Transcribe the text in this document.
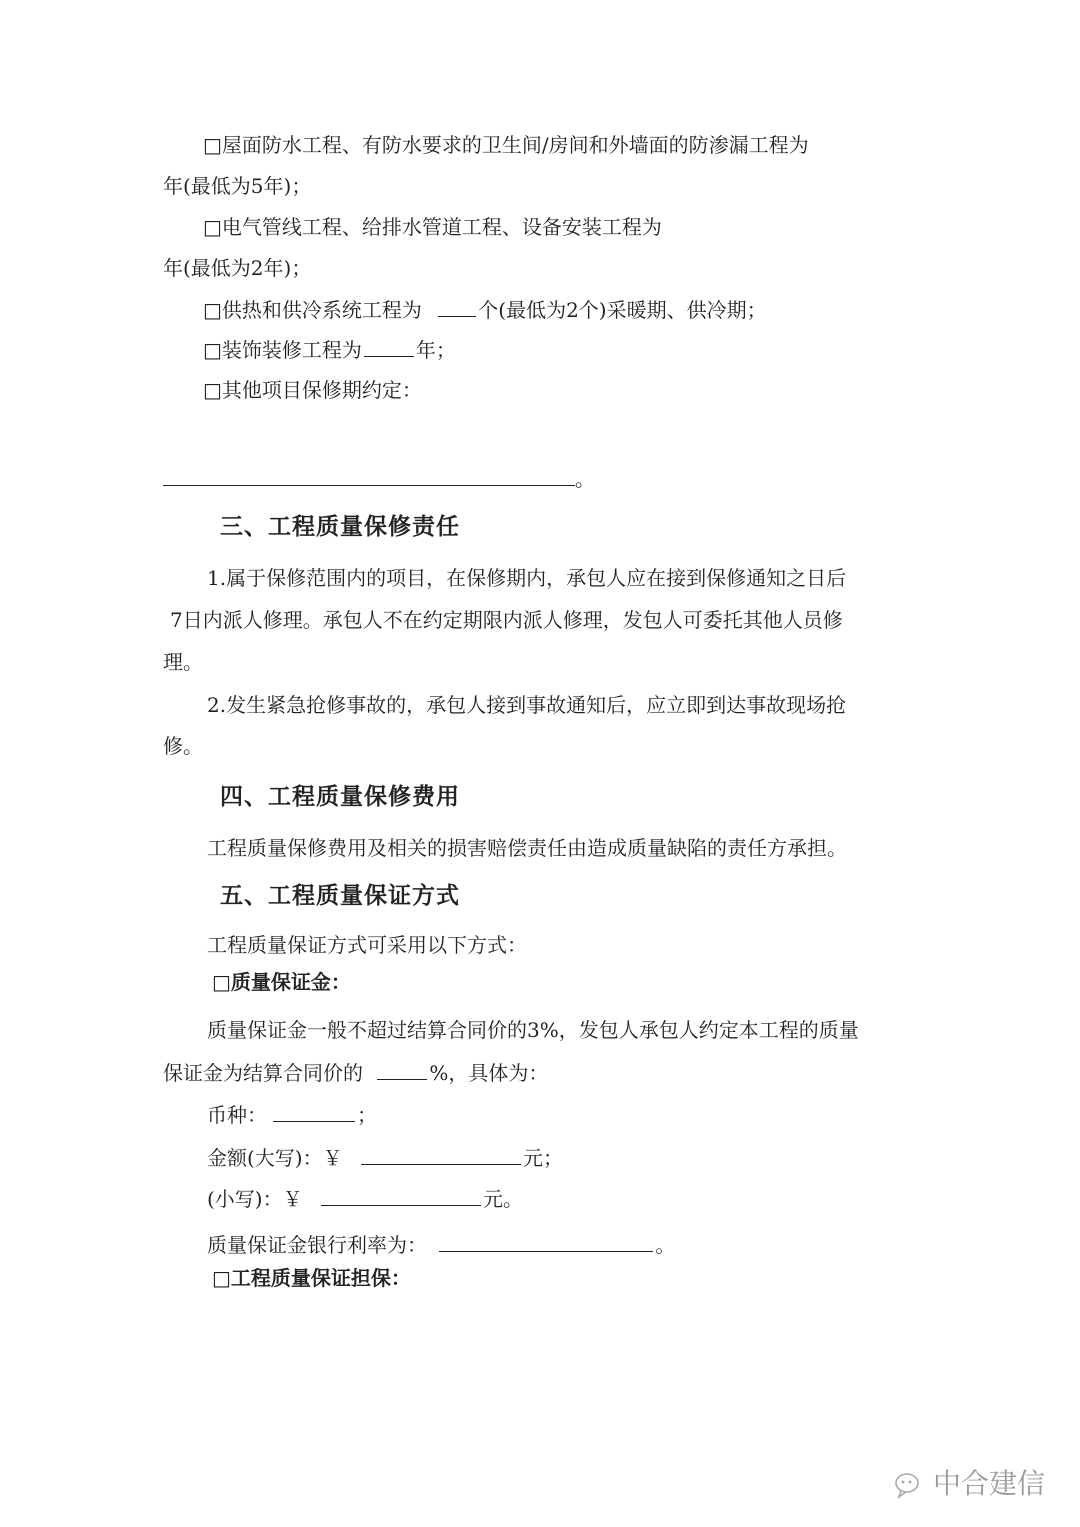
□屋面防水工程、有防水要求的卫生间/房间和外墙面的防渗漏工程为
年(最低为5年)；
□电气管线工程、给排水管道工程、设备安装工程为
年(最低为2年)；
□供热和供冷系统工程为	个(最低为2个)采暖期、供冷期；
□装饰装修工程为	年；
□其他项目保修期约定：
。
三、工程质量保修责任
1.属于保修范围内的项目，在保修期内，承包人应在接到保修通知之日后
7日内派人修理。承包人不在约定期限内派人修理，发包人可委托其他人员修
理。
2.发生紧急抢修事故的，承包人接到事故通知后，应立即到达事故现场抢
修。
四、工程质量保修费用
工程质量保修费用及相关的损害赔偿责任由造成质量缺陷的责任方承担。
五、工程质量保证方式
工程质量保证方式可采用以下方式：
□质量保证金：
质量保证金一般不超过结算合同价的3%，发包人承包人约定本工程的质量
保证金为结算合同价的	%，具体为：
币种：	；
金额(大写)：￥	元；
(小写)：￥	元。
质量保证金银行利率为：	。
□工程质量保证担保：
中合建信
